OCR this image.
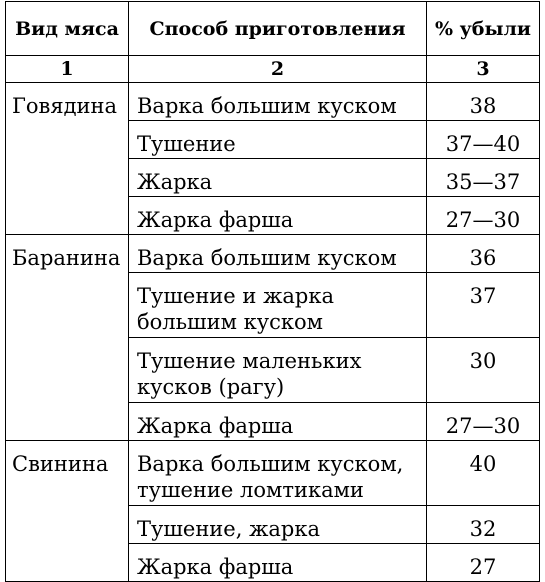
Вид мяса	Способ приготовления	% убыли
1	2	3
Говядина	Варка большим куском	38
	Тушение	37—40
	Жарка	35—37
	Жарка фарша	27—30
Баранина	Варка большим куском	36
	Тушение и жарка большим куском	37
	Тушение маленьких кусков (рагу)	30
	Жарка фарша	27—30
Свинина	Варка большим куском, тушение ломтиками	40
	Тушение, жарка	32
	Жарка фарша	27
